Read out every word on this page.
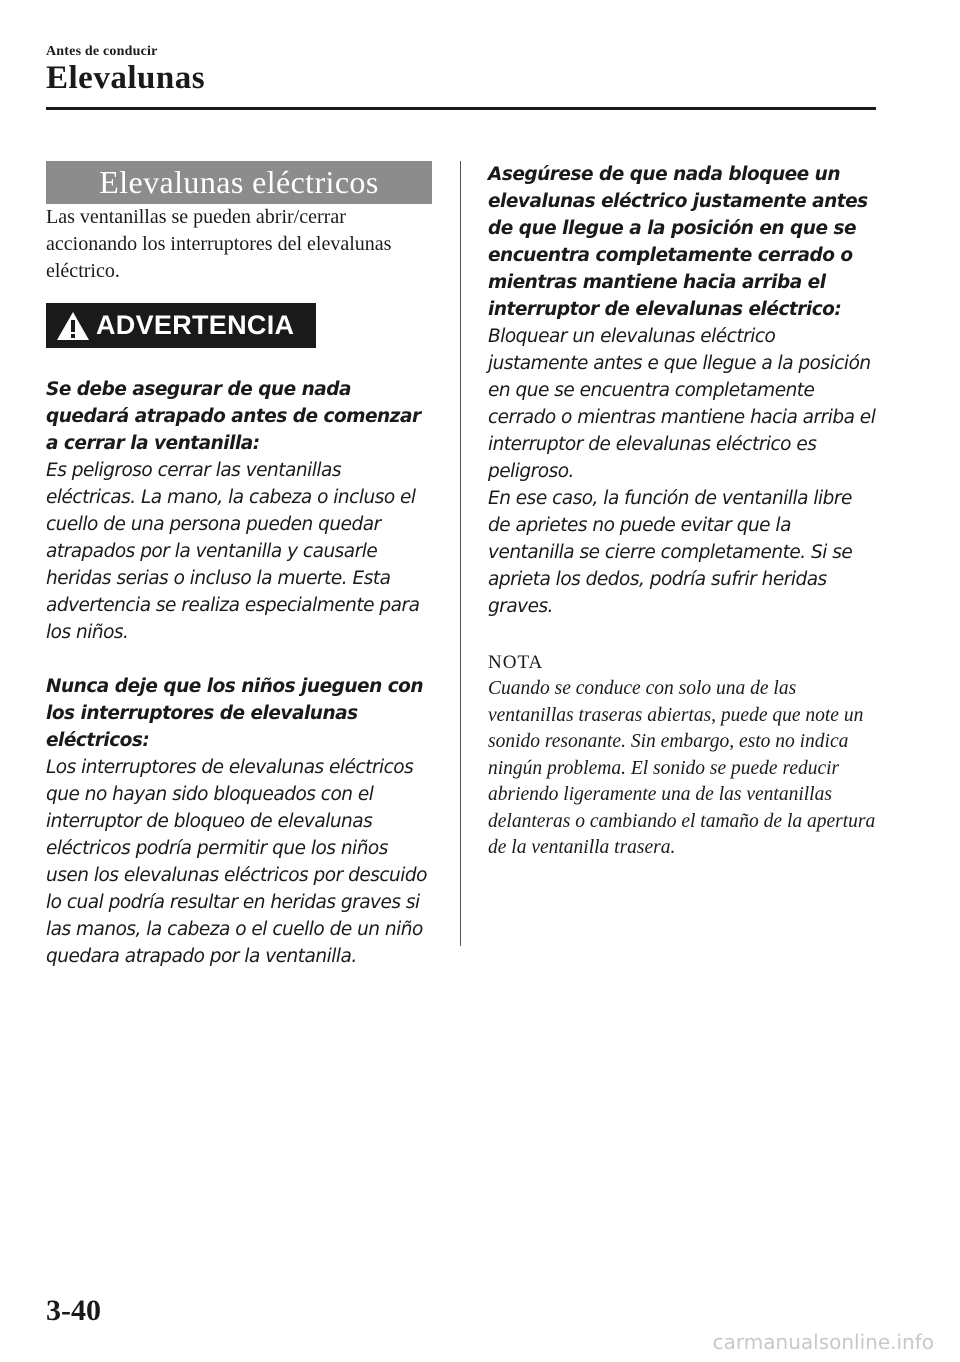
Antes de conducir
Elevalunas
Elevalunas eléctricos

Las ventanillas se pueden abrir/cerrar accionando los interruptores del elevalunas eléctrico.

ADVERTENCIA
Se debe asegurar de que nada quedará atrapado antes de comenzar a cerrar la ventanilla:
Es peligroso cerrar las ventanillas eléctricas. La mano, la cabeza o incluso el cuello de una persona pueden quedar atrapados por la ventanilla y causarle heridas serias o incluso la muerte. Esta advertencia se realiza especialmente para los niños.
Nunca deje que los niños jueguen con los interruptores de elevalunas eléctricos:
Los interruptores de elevalunas eléctricos que no hayan sido bloqueados con el interruptor de bloqueo de elevalunas eléctricos podría permitir que los niños usen los elevalunas eléctricos por descuido lo cual podría resultar en heridas graves si las manos, la cabeza o el cuello de un niño quedara atrapado por la ventanilla.
Asegúrese de que nada bloquee un elevalunas eléctrico justamente antes de que llegue a la posición en que se encuentra completamente cerrado o mientras mantiene hacia arriba el interruptor de elevalunas eléctrico:
Bloquear un elevalunas eléctrico justamente antes e que llegue a la posición en que se encuentra completamente cerrado o mientras mantiene hacia arriba el interruptor de elevalunas eléctrico es peligroso.
En ese caso, la función de ventanilla libre de aprietes no puede evitar que la ventanilla se cierre completamente. Si se aprieta los dedos, podría sufrir heridas graves.
NOTA
Cuando se conduce con solo una de las ventanillas traseras abiertas, puede que note un sonido resonante. Sin embargo, esto no indica ningún problema. El sonido se puede reducir abriendo ligeramente una de las ventanillas delanteras o cambiando el tamaño de la apertura de la ventanilla trasera.
3-40
carmanualsonline.info
